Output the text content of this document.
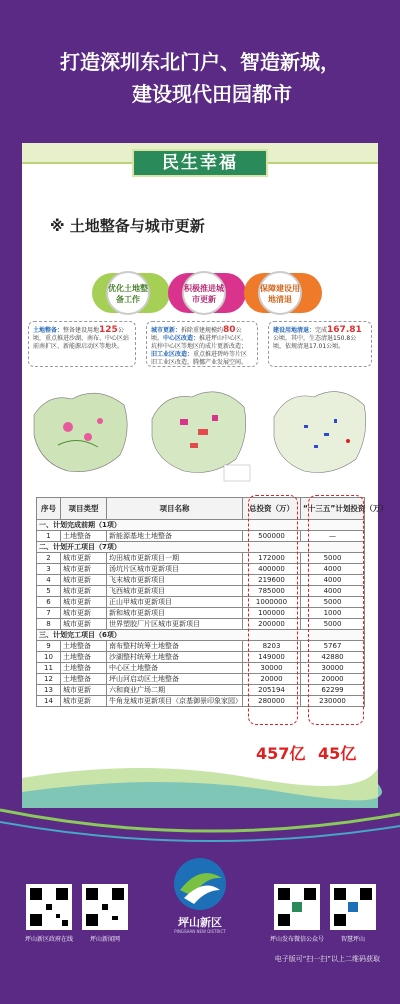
打造深圳东北门户、智造新城，
建设现代田园都市
民生幸福
※ 土地整备与城市更新
优化土地整
备工作
积极推进城
市更新
保障建设用
地清退
土地整备：整备建设用地125公顷，重点推进沙湖、南布、中心区站前南扩区、新能源启动区等地块。
城市更新：拆除重建规模约80公顷。中心区改造：推进坪山中心区、坑梓中心区等地区的成片更新改造；旧工业区改造：重点推进碧岭等片区旧工业区改造，腾挪产业发展空间。
建设用地清退：完成167.81公顷，其中，生态清退150.8公顷，依规清退17.01公顷。
序号	项目类型	项目名称	总投资（万）	“十三五”计划投资（万）
一、计划完成前期（1项）				
1	土地整备	新能源基地土地整备	500000	—
二、计划开工项目（7项）				
2	城市更新	均田城市更新项目一期	172000	5000
3	城市更新	汤坑片区城市更新项目	400000	4000
4	城市更新	飞末城市更新项目	219600	4000
5	城市更新	飞西城市更新项目	785000	4000
6	城市更新	正山甲城市更新项目	1000000	5000
7	城市更新	新和城市更新项目	100000	1000
8	城市更新	世界塑胶厂片区城市更新项目	200000	5000
三、计划完工项目（6项）				
9	土地整备	南布整村统筹土地整备	8203	5767
10	土地整备	沙湖整村统筹土地整备	149000	42880
11	土地整备	中心区土地整备	30000	30000
12	土地整备	坪山河启动区土地整备	20000	20000
13	城市更新	六和商业广场二期	205194	62299
14	城市更新	牛角龙城市更新项目（京基御景印象家园）	280000	230000
457亿 45亿
坪山新区
PINGSHAN NEW DISTRICT
坪山新区政府在线	坪山新闻网	坪山发布微信公众号	智慧坪山
电子版可“扫一扫”以上二维码获取
